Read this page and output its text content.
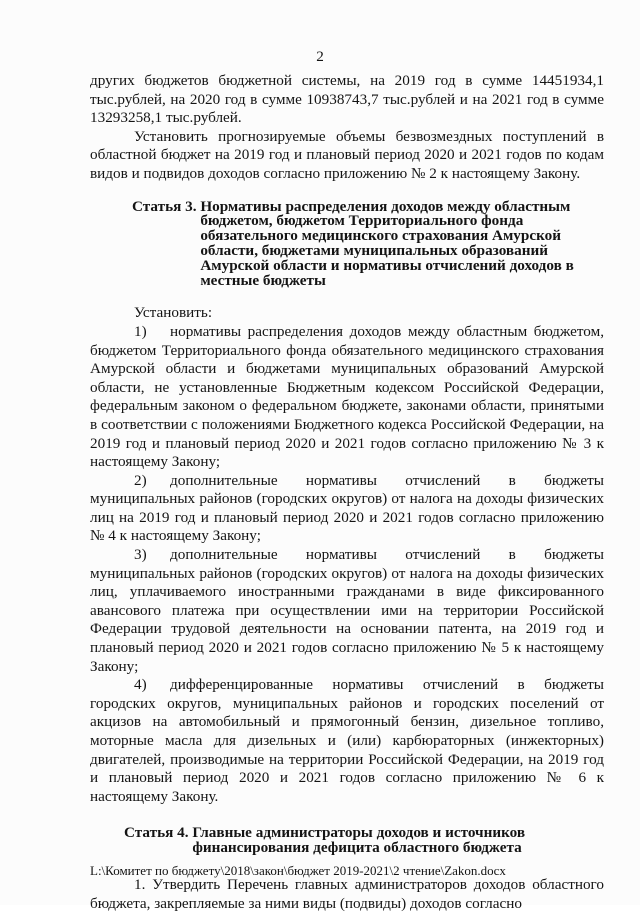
2

других бюджетов бюджетной системы, на 2019 год в сумме 14451934,1 тыс.рублей, на 2020 год в сумме 10938743,7 тыс.рублей и на 2021 год в сумме 13293258,1 тыс.рублей.

Установить прогнозируемые объемы безвозмездных поступлений в областной бюджет на 2019 год и плановый период 2020 и 2021 годов по кодам видов и подвидов доходов согласно приложению № 2 к настоящему Закону.

Статья 3.
Нормативы распределения доходов между областным бюджетом, бюджетом Территориального фонда обязательного медицинского страхования Амурской области, бюджетами муниципальных образований Амурской области и нормативы отчислений доходов в местные бюджеты

Установить:

1) нормативы распределения доходов между областным бюджетом, бюджетом Территориального фонда обязательного медицинского страхования Амурской области и бюджетами муниципальных образований Амурской области, не установленные Бюджетным кодексом Российской Федерации, федеральным законом о федеральном бюджете, законами области, принятыми в соответствии с положениями Бюджетного кодекса Российской Федерации, на 2019 год и плановый период 2020 и 2021 годов согласно приложению № 3 к настоящему Закону;

2) дополнительные нормативы отчислений в бюджеты муниципальных районов (городских округов) от налога на доходы физических лиц на 2019 год и плановый период 2020 и 2021 годов согласно приложению № 4 к настоящему Закону;

3) дополнительные нормативы отчислений в бюджеты муниципальных районов (городских округов) от налога на доходы физических лиц, уплачиваемого иностранными гражданами в виде фиксированного авансового платежа при осуществлении ими на территории Российской Федерации трудовой деятельности на основании патента, на 2019 год и плановый период 2020 и 2021 годов согласно приложению № 5 к настоящему Закону;

4) дифференцированные нормативы отчислений в бюджеты городских округов, муниципальных районов и городских поселений от акцизов на автомобильный и прямогонный бензин, дизельное топливо, моторные масла для дизельных и (или) карбюраторных (инжекторных) двигателей, производимые на территории Российской Федерации, на 2019 год и плановый период 2020 и 2021 годов согласно приложению № 6 к настоящему Закону.

Статья 4.
Главные администраторы доходов и источников финансирования дефицита областного бюджета

1. Утвердить Перечень главных администраторов доходов областного бюджета, закрепляемые за ними виды (подвиды) доходов согласно

L:\Комитет по бюджету\2018\закон\бюджет 2019-2021\2 чтение\Zakon.docx
